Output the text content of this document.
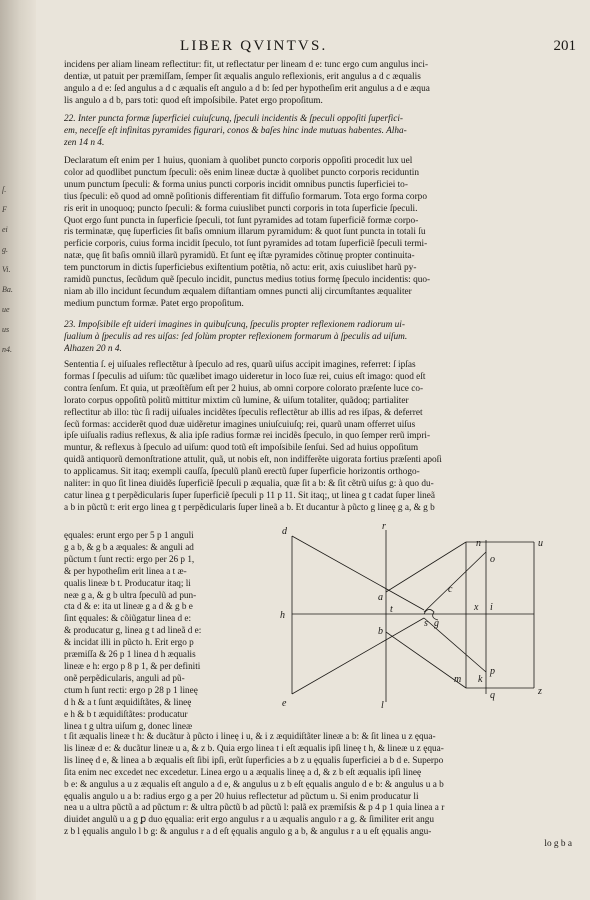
ſ.
F
ei
g.
Vi.
Ba.
ue
us
n4.
LIBER QVINTVS.	201
incidens per aliam lineam reflectitur: fit, ut reflectatur per lineam d e: tunc ergo cum angulus inci-
dentiæ, ut patuit per præmiſſam, ſemper ſit æqualis angulo reflexionis, erit angulus a d c æqualis
angulo a d e: ſed angulus a d c æqualis eſt angulo a d b: ſed per hypotheſim erit angulus a d e æqua
lis angulo a d b, pars toti: quod eſt impoſsibile. Patet ergo propoſitum.
22. Inter puncta formæ ſuperficiei cuiuſcunq, ſpeculi incidentis & ſpeculi oppoſiti ſuperfici-
em, neceſſe eſt infinitas pyramides figurari, conos & baſes hinc inde mutuas habentes. Alha-
zen 14 n 4.
Declaratum eſt enim per 1 huius, quoniam à quolibet puncto corporis oppoſiti procedit lux uel
color ad quodlibet punctum ſpeculi: oẽs enim lineæ ductæ à quolibet puncto corporis reciduntin
unum punctum ſpeculi: & forma unius puncti corporis incidit omnibus punctis ſuperficiei to-
tius ſpeculi: eõ quod ad omnẽ poſitionis differentiam fit diffuſio formarum. Tota ergo forma corpo
ris erit in unoquoq; puncto ſpeculi: & forma cuiuslibet puncti corporis in tota ſuperficie ſpeculi.
Quot ergo ſunt puncta in ſuperficie ſpeculi, tot ſunt pyramides ad totam ſuperficiẽ formæ corpo-
ris terminatæ, quę ſuperficies ſit baſis omnium illarum pyramidum: & quot ſunt puncta in totali ſu
perficie corporis, cuius forma incidit ſpeculo, tot ſunt pyramides ad totam ſuperficiẽ ſpeculi termi-
natæ, quę ſit baſis omniũ illarũ pyramidũ. Et ſunt eę iſtæ pyramides cõtinuę propter continuita-
tem punctorum in dictis ſuperficiebus exiſtentium potẽtia, nõ actu: erit, axis cuiuslibet harũ py-
ramidũ punctus, ſecũdum quẽ ſpeculo incidit, punctus medius totius formę ſpeculo incidentis: quo-
niam ab illo incidunt ſecundum æqualem diſtantiam omnes puncti alij circumſtantes æqualiter
medium punctum formæ. Patet ergo propoſitum.
23. Impoſsibile eſt uideri imagines in quibuſcunq, ſpeculis propter reflexionem radiorum ui-
ſualium à ſpeculis ad res uiſas: ſed ſolùm propter reflexionem formarum à ſpeculis ad uiſum.
Alhazen 20 n 4.
Sententia ſ. ej uiſuales reflectẽtur à ſpeculo ad res, quarũ uiſus accipit imagines, referret: ſ ipſas
formas ſ ſpeculis ad uiſum: tũc quælibet imago uideretur in loco ſuæ rei, cuius eſt imago: quod eſt
contra ſenſum. Et quia, ut præoſtẽſum eſt per 2 huius, ab omni corpore colorato præſente luce co-
lorato corpus oppoſitũ politũ mittitur mixtim cũ lumine, & uiſum totaliter, quãdoq; partialiter
reflectitur ab illo: tùc ſi radij uiſuales incidẽtes ſpeculis reflectẽtur ab illis ad res iſpas, & deferret
ſecũ formas: acciderẽt quod duæ uidẽretur imagines uniuſcuiuſq; rei, quarũ unam offerret uiſus
ipſe uiſualis radius reflexus, & alia ipſe radius formæ rei incidẽs ſpeculo, in quo ſemper rerũ impri-
muntur, & reflexus à ſpeculo ad uiſum: quod totũ eſt impoſsibile ſenſui. Sed ad huius oppoſitum
quidã antiquorũ demonſtratione attulit, quã, ut nobis eſt, non indifferẽte uigorata fortius præſenti apoſi
to applicamus. Sit itaq; exempli cauſſa, ſpeculũ planũ erectũ ſuper ſuperficie horizontis orthogo-
naliter: in quo ſit linea diuidẽs ſuperficiẽ ſpeculi p æqualia, quæ ſit a b: & ſit cẽtrũ uiſus g: à quo du-
catur linea g t perpẽdicularis ſuper ſuperficiẽ ſpeculi p 11 p 11. Sit itaq;, ut linea g t cadat ſuper lineã
a b in pũctũ t: erit ergo linea g t perpẽdicularis ſuper lineã a b. Et ducantur à pũcto g lineę g a, & g b
ęquales: erunt ergo per 5 p 1 anguli
g a b, & g b a æquales: & anguli ad
pũctum t ſunt recti: ergo per 26 p 1,
& per hypotheſim erit linea a t æ-
qualis lineæ b t. Producatur itaq; li
neæ g a, & g b ultra ſpeculũ ad pun-
cta d & e: ita ut lineæ g a d & g b e
ſint ęquales: & cõiũgatur linea d e:
& producatur g, linea g t ad lineã d e:
& incidat illi in pũcto h. Erit ergo p
præmiſſa & 26 p 1 linea d h æqualis
lineæ e h: ergo p 8 p 1, & per definiti
onẽ perpẽdicularis, anguli ad pũ-
ctum h ſunt recti: ergo p 28 p 1 lineę
d h & a t ſunt æquidiſtãtes, & lineę
e h & b t æquidiſtãtes: producatur
linea t g ultra uiſum g, donec lineæ
d
e
h
r
l
a
b
t
g
s
n
o
i
x
u
z
p
q
m
c
k
t ſit æqualis lineæ t h: & ducãtur à pũcto i lineę i u, & i z æquidiſtãter lineæ a b: & ſit linea u z ęqua-
lis lineæ d e: & ducãtur lineæ u a, & z b. Quia ergo linea t i eſt æqualis ipſi lineę t h, & lineæ u z ęqua-
lis lineę d e, & linea a b æqualis eſt ſibi ipſi, erũt ſuperficies a b z u ęqualis ſuperficiei a b d e. Superpo
ſita enim nec excedet nec excedetur. Linea ergo u a æqualis lineę a d, & z b eſt æqualis ipſi lineę
b e: & angulus a u z æqualis eſt angulo a d e, & angulus u z b eſt ęqualis angulo d e b: & angulus u a b
ęqualis angulo u a b: radius ergo g a per 20 huius reflectetur ad pũctum u. Si enim producatur li
nea u a ultra pũctũ a ad pũctum r: & ultra pũctũ b ad pũctũ l: palã ex præmiſsis & p 4 p 1 quia linea a r
diuidet angulũ u a g ꝑ duo ęqualia: erit ergo angulus r a u æqualis angulo r a g. & ſimiliter erit angu
z b l ęqualis angulo l b g: & angulus r a d eſt ęqualis angulo g a b, & angulus r a u eſt ęqualis angu-
lo g b a
